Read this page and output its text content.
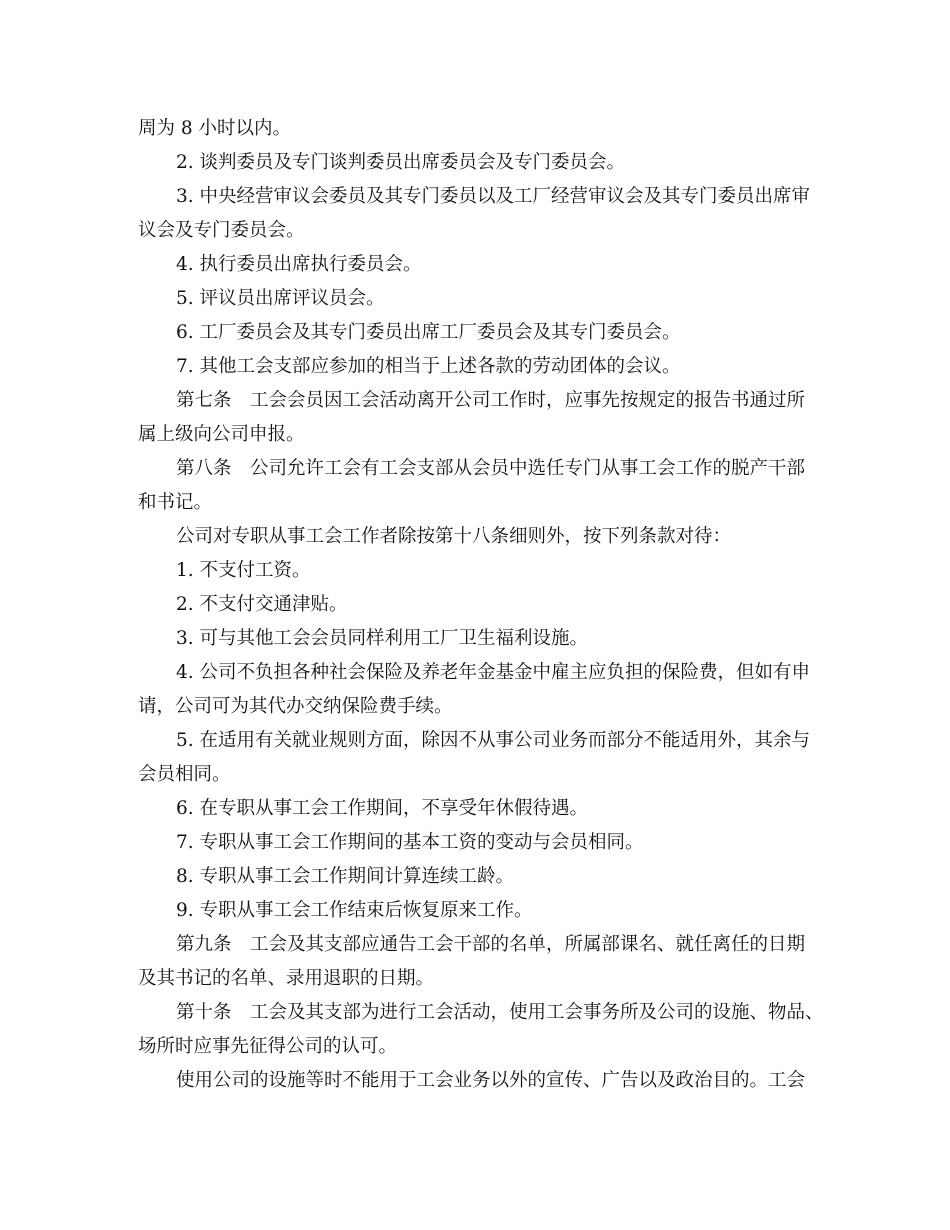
周为 8 小时以内。
2. 谈判委员及专门谈判委员出席委员会及专门委员会。
3. 中央经营审议会委员及其专门委员以及工厂经营审议会及其专门委员出席审
议会及专门委员会。
4. 执行委员出席执行委员会。
5. 评议员出席评议员会。
6. 工厂委员会及其专门委员出席工厂委员会及其专门委员会。
7. 其他工会支部应参加的相当于上述各款的劳动团体的会议。
第七条　工会会员因工会活动离开公司工作时，应事先按规定的报告书通过所
属上级向公司申报。
第八条　公司允许工会有工会支部从会员中选任专门从事工会工作的脱产干部
和书记。
公司对专职从事工会工作者除按第十八条细则外，按下列条款对待：
1. 不支付工资。
2. 不支付交通津贴。
3. 可与其他工会会员同样利用工厂卫生福利设施。
4. 公司不负担各种社会保险及养老年金基金中雇主应负担的保险费，但如有申
请，公司可为其代办交纳保险费手续。
5. 在适用有关就业规则方面，除因不从事公司业务而部分不能适用外，其余与
会员相同。
6. 在专职从事工会工作期间，不享受年休假待遇。
7. 专职从事工会工作期间的基本工资的变动与会员相同。
8. 专职从事工会工作期间计算连续工龄。
9. 专职从事工会工作结束后恢复原来工作。
第九条　工会及其支部应通告工会干部的名单，所属部课名、就任离任的日期
及其书记的名单、录用退职的日期。
第十条　工会及其支部为进行工会活动，使用工会事务所及公司的设施、物品、
场所时应事先征得公司的认可。
使用公司的设施等时不能用于工会业务以外的宣传、广告以及政治目的。工会
